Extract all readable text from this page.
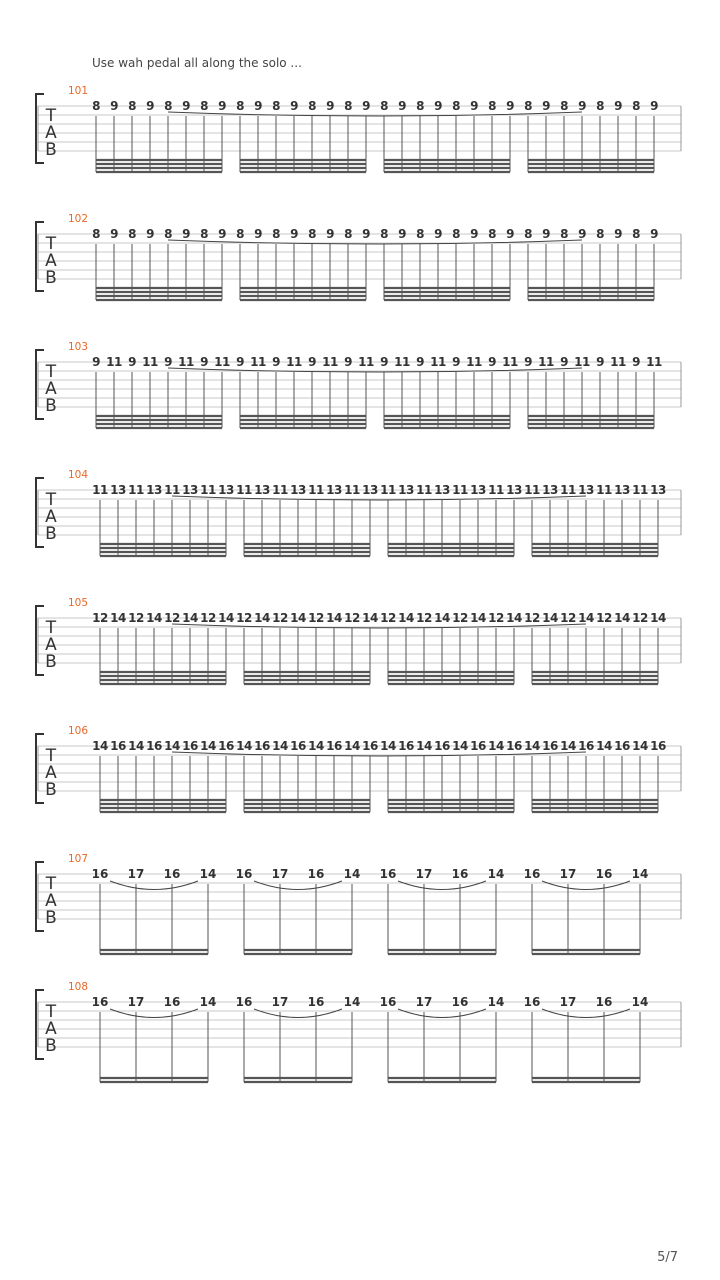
Use wah pedal all along the solo ...
101
T
A
B
8 9 8 9 8 9 8 9 8 9 8 9 8 9 8 9 8 9 8 9 8 9 8 9 8 9 8 9 8 9 8 9
102
T
A
B
8 9 8 9 8 9 8 9 8 9 8 9 8 9 8 9 8 9 8 9 8 9 8 9 8 9 8 9 8 9 8 9
103
T
A
B
9 11 9 11 9 11 9 11 9 11 9 11 9 11 9 11 9 11 9 11 9 11 9 11 9 11 9 11 9 11 9 11
104
T
A
B
11 13 11 13 11 13 11 13 11 13 11 13 11 13 11 13 11 13 11 13 11 13 11 13 11 13 11 13 11 13 11 13
105
T
A
B
12 14 12 14 12 14 12 14 12 14 12 14 12 14 12 14 12 14 12 14 12 14 12 14 12 14 12 14 12 14 12 14
106
T
A
B
14 16 14 16 14 16 14 16 14 16 14 16 14 16 14 16 14 16 14 16 14 16 14 16 14 16 14 16 14 16 14 16
107
T
A
B
16 17 16 14 16 17 16 14 16 17 16 14 16 17 16 14
108
T
A
B
16 17 16 14 16 17 16 14 16 17 16 14 16 17 16 14
5/7
